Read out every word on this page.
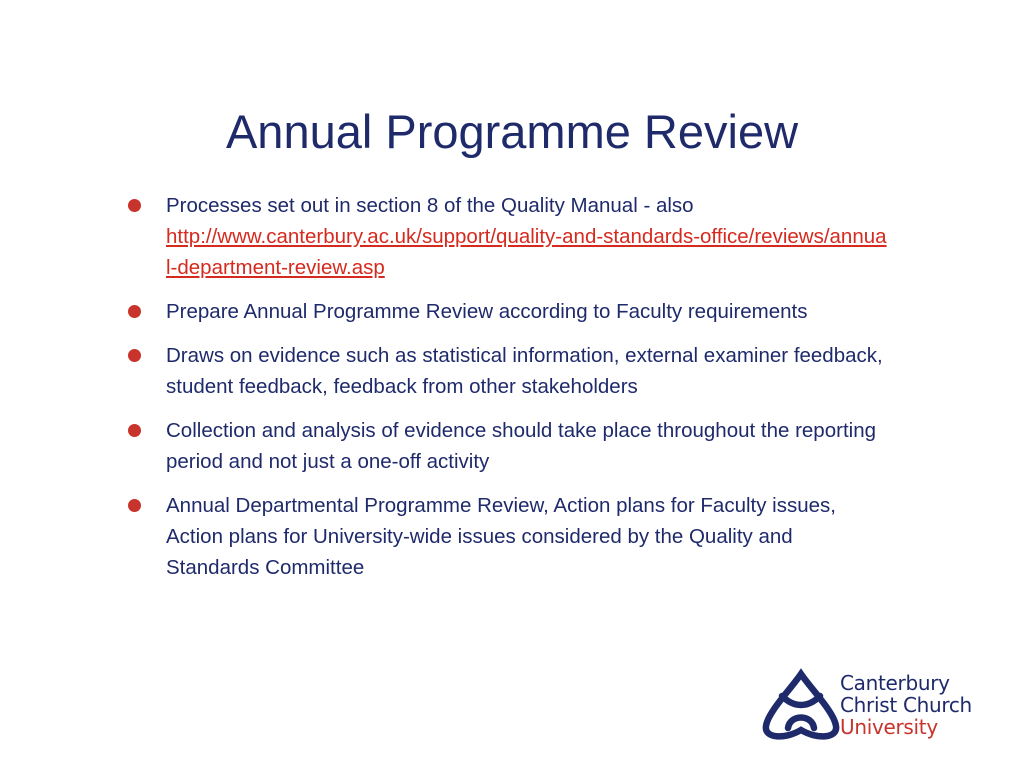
Annual Programme Review
Processes set out in section 8 of the Quality Manual - also
http://www.canterbury.ac.uk/support/quality-and-standards-office/reviews/annual-department-review.asp
Prepare Annual Programme Review according to Faculty requirements
Draws on evidence such as statistical information, external examiner feedback, student feedback, feedback from other stakeholders
Collection and analysis of evidence should take place throughout the reporting period and not just a one-off activity
Annual Departmental Programme Review, Action plans for Faculty issues, Action plans for University-wide issues considered by the Quality and Standards Committee
Canterbury
Christ Church
University
